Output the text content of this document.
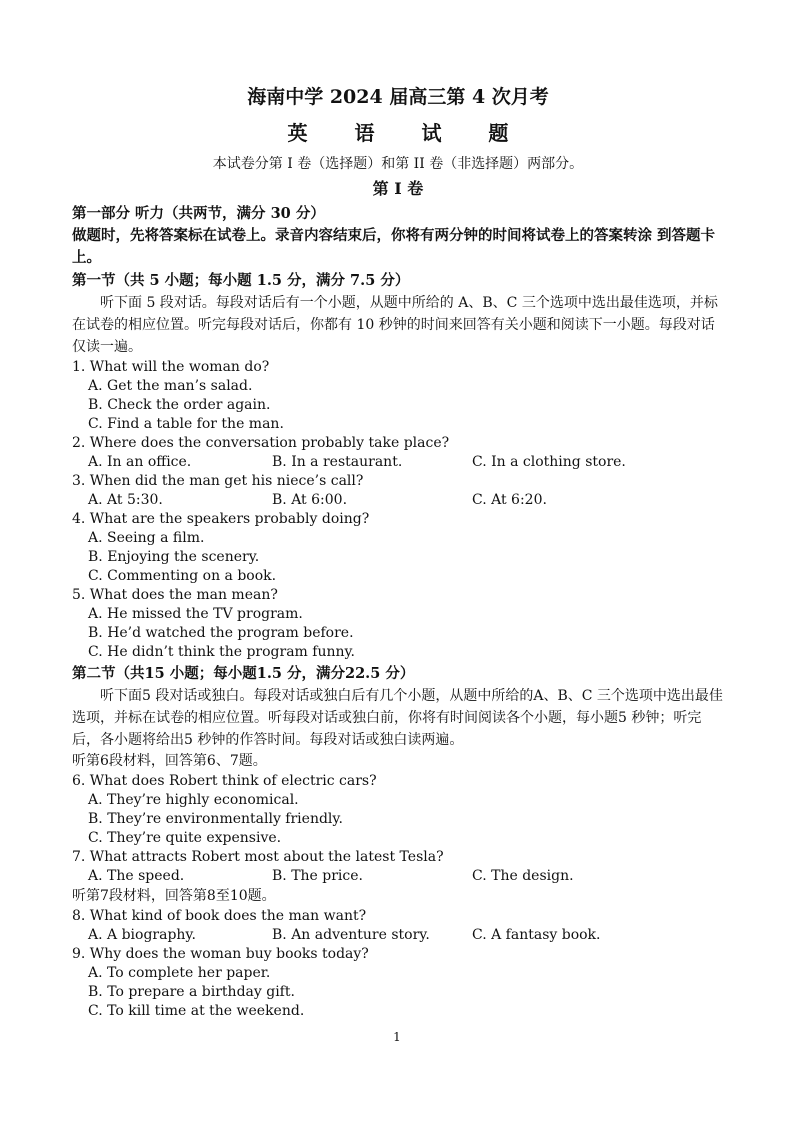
海南中学 2024 届高三第 4 次月考
英 语 试 题
本试卷分第 I 卷（选择题）和第 II 卷（非选择题）两部分。
第 I 卷
第一部分 听力（共两节，满分 30 分）
做题时，先将答案标在试卷上。录音内容结束后，你将有两分钟的时间将试卷上的答案转涂 到答题卡上。
第一节（共 5 小题；每小题 1.5 分，满分 7.5 分）
听下面 5 段对话。每段对话后有一个小题，从题中所给的 A、B、C 三个选项中选出最佳选项，并标在试卷的相应位置。听完每段对话后，你都有 10 秒钟的时间来回答有关小题和阅读下一小题。每段对话仅读一遍。
1. What will the woman do?
A. Get the man’s salad.
B. Check the order again.
C. Find a table for the man.
2. Where does the conversation probably take place?
A. In an office.	B. In a restaurant.	C. In a clothing store.
3. When did the man get his niece’s call?
A. At 5:30.	B. At 6:00.	C. At 6:20.
4. What are the speakers probably doing?
A. Seeing a film.
B. Enjoying the scenery.
C. Commenting on a book.
5. What does the man mean?
A. He missed the TV program.
B. He’d watched the program before.
C. He didn’t think the program funny.
第二节（共15 小题；每小题1.5 分，满分22.5 分）
听下面5 段对话或独白。每段对话或独白后有几个小题，从题中所给的A、B、C 三个选项中选出最佳选项，并标在试卷的相应位置。听每段对话或独白前，你将有时间阅读各个小题，每小题5 秒钟；听完后，各小题将给出5 秒钟的作答时间。每段对话或独白读两遍。
听第6段材料，回答第6、7题。
6. What does Robert think of electric cars?
A. They’re highly economical.
B. They’re environmentally friendly.
C. They’re quite expensive.
7. What attracts Robert most about the latest Tesla?
A. The speed.	B. The price.	C. The design.
听第7段材料，回答第8至10题。
8. What kind of book does the man want?
A. A biography.	B. An adventure story.	C. A fantasy book.
9. Why does the woman buy books today?
A. To complete her paper.
B. To prepare a birthday gift.
C. To kill time at the weekend.
1
